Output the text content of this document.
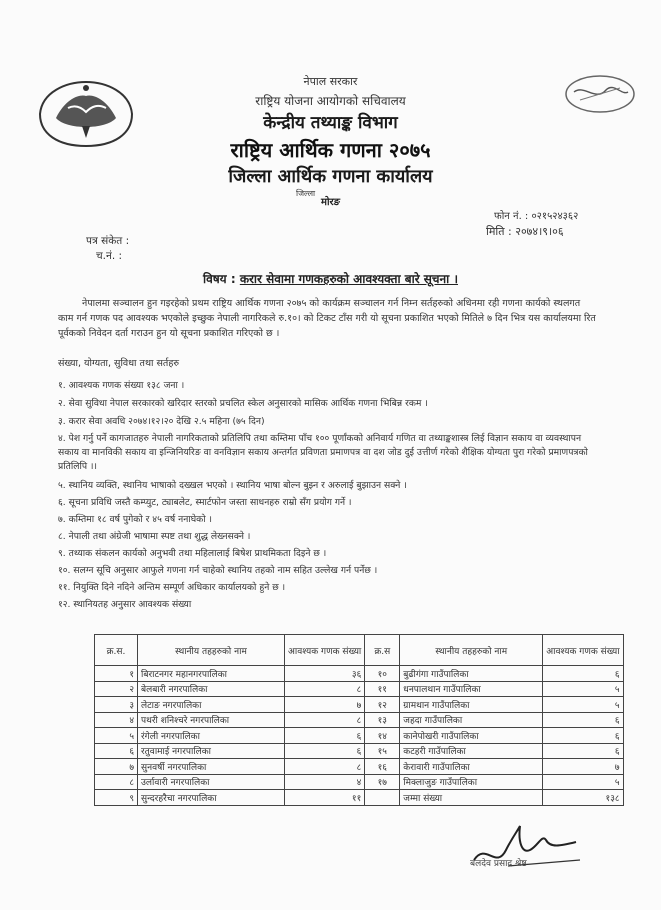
नेपाल सरकार
राष्ट्रिय योजना आयोगको सचिवालय
केन्द्रीय तथ्याङ्क विभाग
राष्ट्रिय आर्थिक गणना २०७५
जिल्ला आर्थिक गणना कार्यालय
जिल्ला
मोरङ
फोन नं. : ०२१५२४३६२
मिति : २०७४।९।०६
पत्र संकेत :
च.नं. :
विषय : करार सेवामा गणकहरुको आवश्यक्ता बारे सूचना ।
नेपालमा सञ्चालन हुन गइरहेको प्रथम राष्ट्रिय आर्थिक गणना २०७५ को कार्यक्रम सञ्चालन गर्न निम्न सर्तहरुको अधिनमा रही गणना कार्यको स्थलगत काम गर्न गणक पद आवश्यक भएकोले इच्छुक नेपाली नागरिकले रु.१०। को टिकट टाँस गरी यो सूचना प्रकाशित भएको मितिले ७ दिन भित्र यस कार्यालयमा रित पूर्वकको निवेदन दर्ता गराउन हुन यो सूचना प्रकाशित गरिएको छ ।
संख्या, योग्यता, सुविधा तथा सर्तहरु
१. आवश्यक गणक संख्या १३८ जना ।
२. सेवा सुविधा नेपाल सरकारको खरिदार स्तरको प्रचलित स्केल अनुसारको मासिक आर्थिक गणना भिबिन्न रकम ।
३. करार सेवा अवधि २०७४।१२।२० देखि २.५ महिना (७५ दिन)
४. पेश गर्नु पर्ने कागजातहरु नेपाली नागरिकताको प्रतिलिपि तथा कम्तिमा पाँच १०० पूर्णांकको अनिवार्य गणित वा तथ्याङ्कशास्त्र लिई विज्ञान सकाय वा व्यवस्थापन सकाय वा मानविकी सकाय वा इन्जिनियरिङ वा वनविज्ञान सकाय अन्तर्गत प्रविणता प्रमाणपत्र वा दश जोड दुई उत्तीर्ण गरेको शैक्षिक योग्यता पुरा गरेको प्रमाणपत्रको प्रतिलिपि ।।
५. स्थानिय व्यक्ति, स्थानिय भाषाको दख्खल भएको । स्थानिय भाषा बोल्न बुझ्न र अरुलाई बुझाउन सक्ने ।
६. सूचना प्रविधि जस्तै कम्प्युट, ट्याबलेट, स्मार्टफोन जस्ता साधनहरु राम्रो सँग प्रयोग गर्ने ।
७. कम्तिमा १८ वर्ष पुगेको र ४५ वर्ष ननाघेको ।
८. नेपाली तथा अंग्रेजी भाषामा स्पष्ट तथा शुद्ध लेख्नसक्ने ।
९. तथ्याक संकलन कार्यको अनुभवी तथा महिलालाई बिषेश प्राथमिकता दिइने छ ।
१०. सलग्न सूचि अनुसार आफुले गणना गर्न चाहेको स्थानिय तहको नाम सहित उल्लेख गर्न पर्नेछ ।
११. नियुक्ति दिने नदिने अन्तिम सम्पूर्ण अधिकार कार्यालयको हुने छ ।
१२. स्थानियतह अनुसार आवश्यक संख्या
क्र.स.	स्थानीय तहहरुको नाम	आवश्यक गणक संख्या	क्र.स	स्थानीय तहहरुको नाम	आवश्यक गणक संख्या
१	बिराटनगर महानगरपालिका	३६	१०	बुढीगंगा गाउँपालिका	६
२	बेलबारी नगरपालिका	८	११	धनपालथान गाउँपालिका	५
३	लेटाङ नगरपालिका	७	१२	ग्रामथान गाउँपालिका	५
४	पथरी शनिश्चरे नगरपालिका	८	१३	जहदा गाउँपालिका	६
५	रंगेली नगरपालिका	६	१४	कानेपोखरी गाउँपालिका	६
६	रतुवामाई नगरपालिका	६	१५	कटहरी गाउँपालिका	६
७	सुनवर्षी नगरपालिका	८	१६	केरावारी गाउँपालिका	७
८	उर्लावारी नगरपालिका	४	१७	मिक्लाजुङ गाउँपालिका	५
९	सुन्दरहरैचा नगरपालिका	११		जम्मा संख्या	१३८
बलदेव प्रसाद श्रेष्ठ
